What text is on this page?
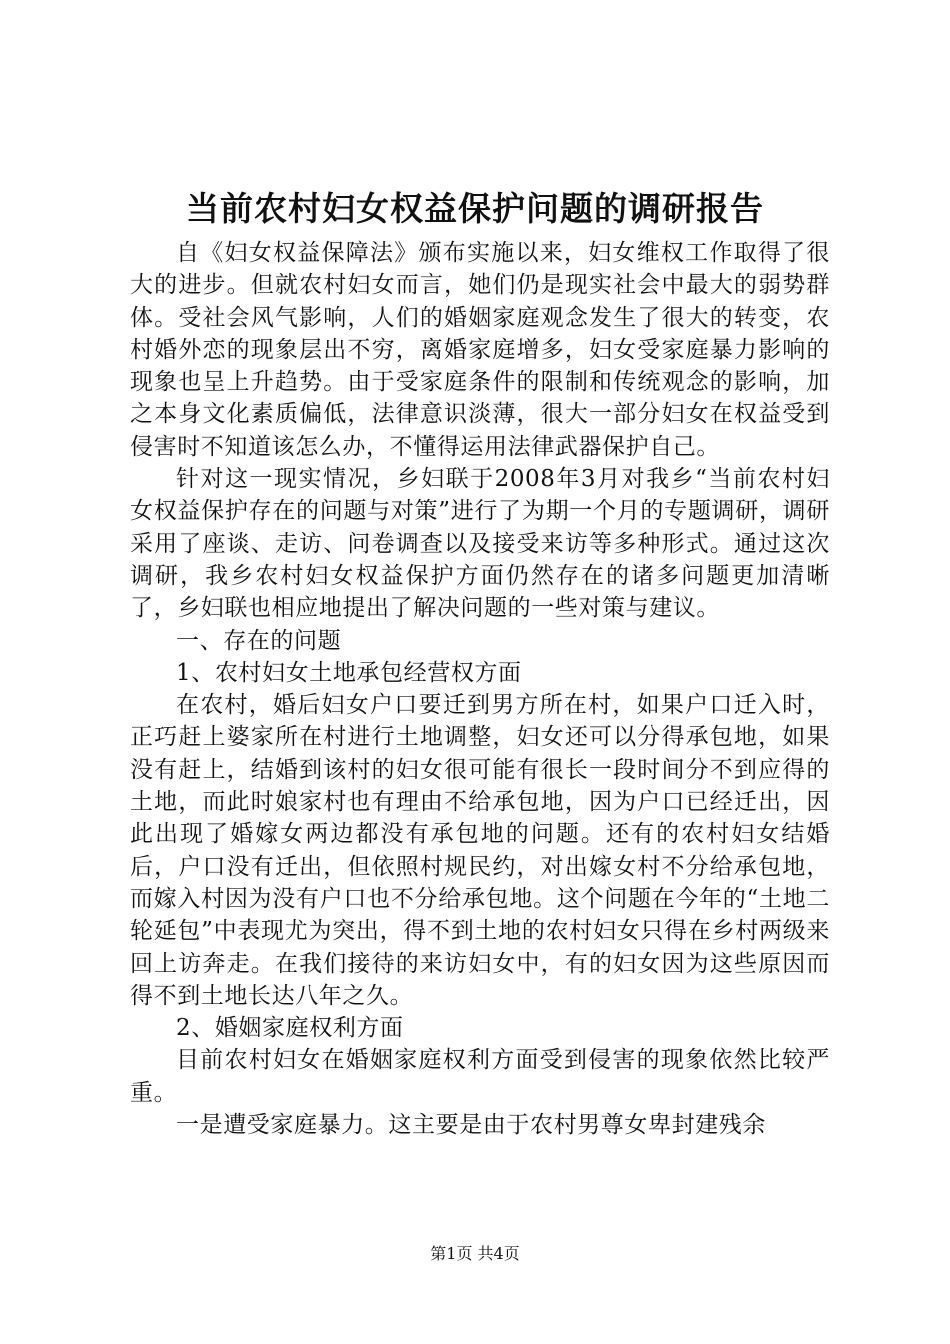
当前农村妇女权益保护问题的调研报告

自《妇女权益保障法》颁布实施以来，妇女维权工作取得了很大的进步。但就农村妇女而言，她们仍是现实社会中最大的弱势群体。受社会风气影响，人们的婚姻家庭观念发生了很大的转变，农村婚外恋的现象层出不穷，离婚家庭增多，妇女受家庭暴力影响的现象也呈上升趋势。由于受家庭条件的限制和传统观念的影响，加之本身文化素质偏低，法律意识淡薄，很大一部分妇女在权益受到侵害时不知道该怎么办，不懂得运用法律武器保护自己。

针对这一现实情况，乡妇联于2008年3月对我乡“当前农村妇女权益保护存在的问题与对策”进行了为期一个月的专题调研，调研采用了座谈、走访、问卷调查以及接受来访等多种形式。通过这次调研，我乡农村妇女权益保护方面仍然存在的诸多问题更加清晰了，乡妇联也相应地提出了解决问题的一些对策与建议。

一、存在的问题

1、农村妇女土地承包经营权方面

在农村，婚后妇女户口要迁到男方所在村，如果户口迁入时，正巧赶上婆家所在村进行土地调整，妇女还可以分得承包地，如果没有赶上，结婚到该村的妇女很可能有很长一段时间分不到应得的土地，而此时娘家村也有理由不给承包地，因为户口已经迁出，因此出现了婚嫁女两边都没有承包地的问题。还有的农村妇女结婚后，户口没有迁出，但依照村规民约，对出嫁女村不分给承包地，而嫁入村因为没有户口也不分给承包地。这个问题在今年的“土地二轮延包”中表现尤为突出，得不到土地的农村妇女只得在乡村两级来回上访奔走。在我们接待的来访妇女中，有的妇女因为这些原因而得不到土地长达八年之久。

2、婚姻家庭权利方面

目前农村妇女在婚姻家庭权利方面受到侵害的现象依然比较严重。

一是遭受家庭暴力。这主要是由于农村男尊女卑封建残余

第1页 共4页
